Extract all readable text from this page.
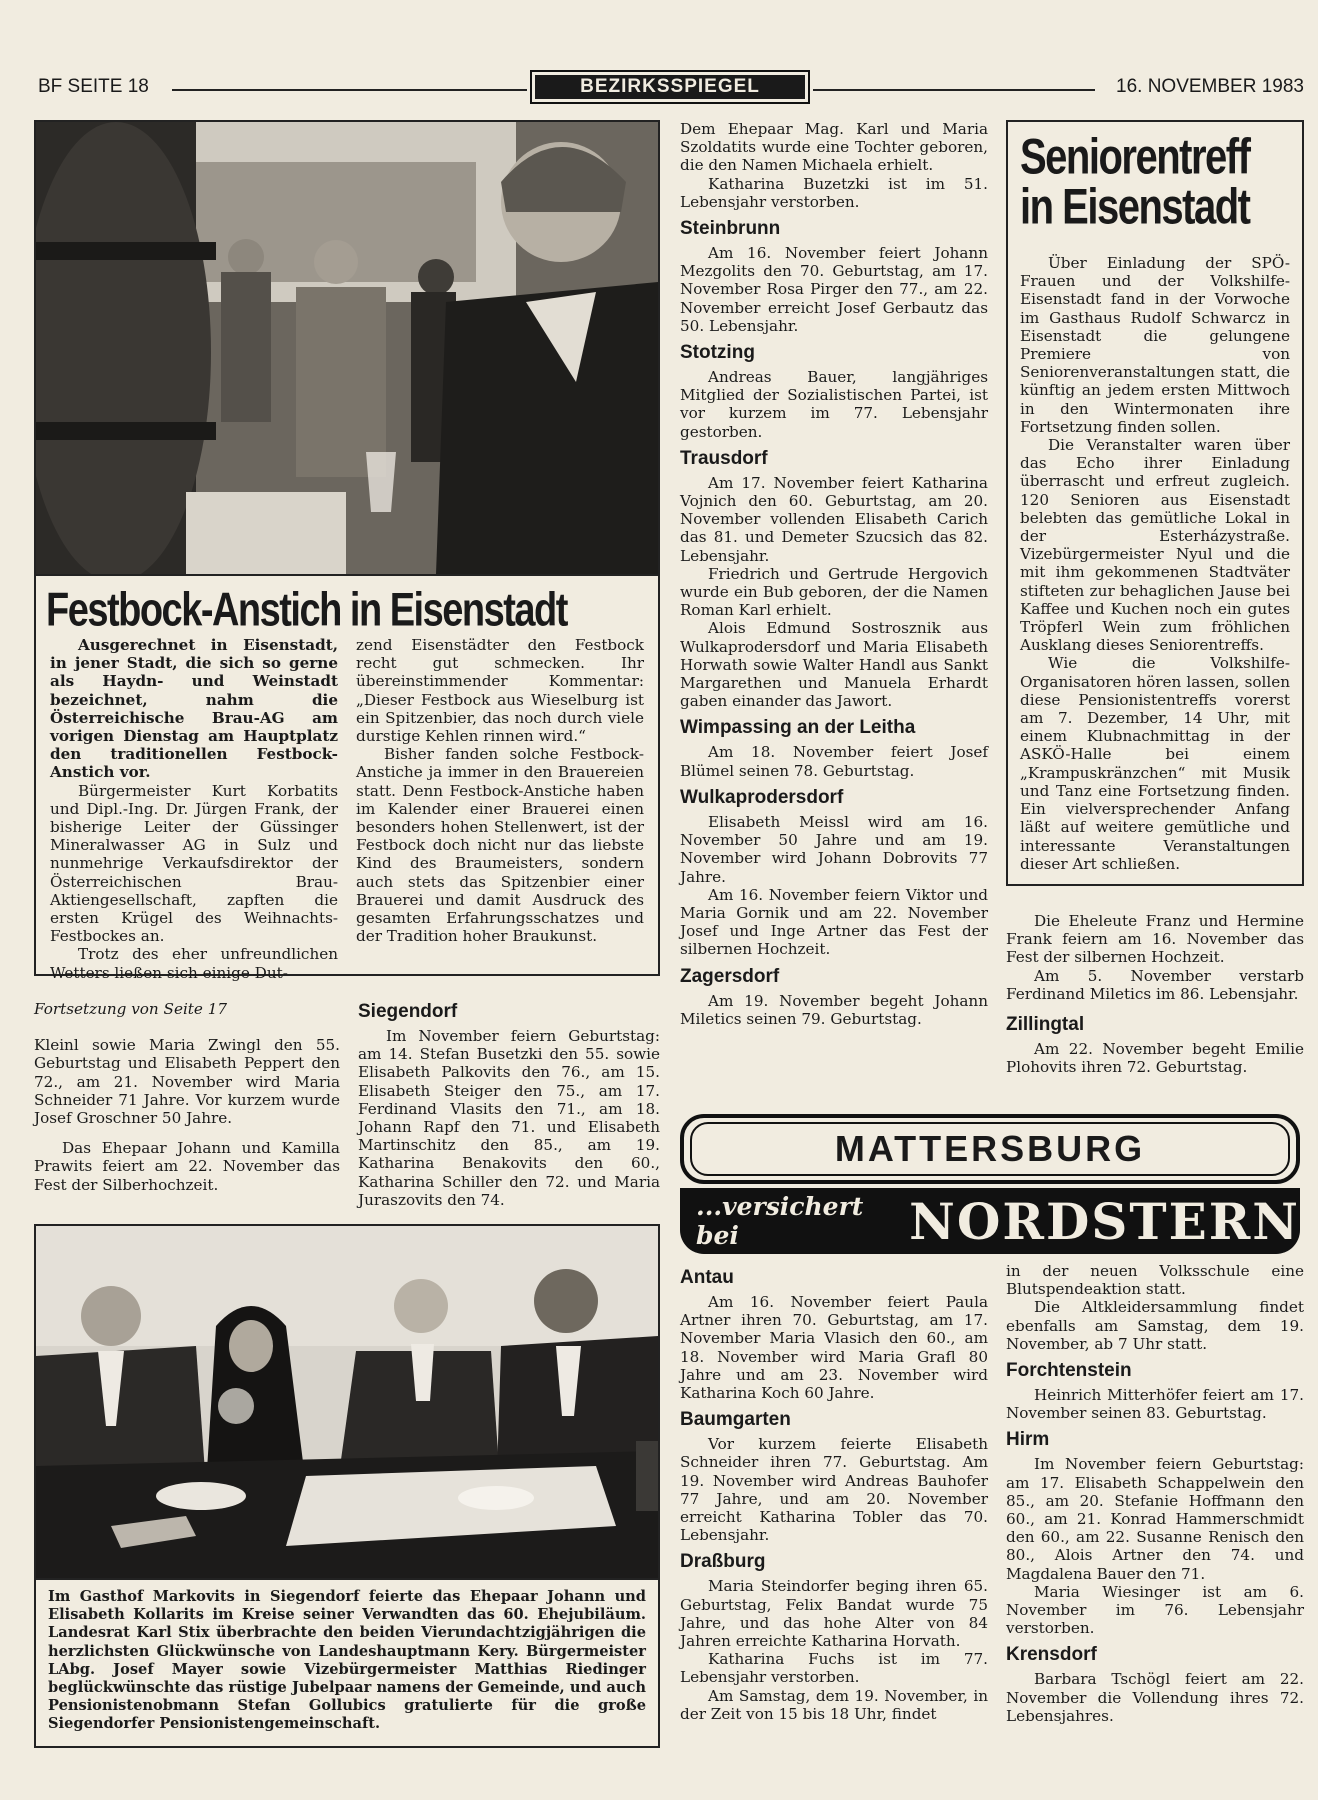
BF SEITE 18	BEZIRKSSPIEGEL	16. NOVEMBER 1983
Festbock-Anstich in Eisenstadt

Ausgerechnet in Eisenstadt, in jener Stadt, die sich so gerne als Haydn- und Weinstadt bezeichnet, nahm die Österreichische Brau-AG am vorigen Dienstag am Hauptplatz den traditionellen Festbock-Anstich vor.

Bürgermeister Kurt Korbatits und Dipl.-Ing. Dr. Jürgen Frank, der bisherige Leiter der Güssinger Mineralwasser AG in Sulz und nunmehrige Verkaufsdirektor der Österreichischen Brau-Aktiengesellschaft, zapften die ersten Krügel des Weihnachts-Festbockes an.

Trotz des eher unfreundlichen Wetters ließen sich einige Dut-

zend Eisenstädter den Festbock recht gut schmecken. Ihr übereinstimmender Kommentar: „Dieser Festbock aus Wieselburg ist ein Spitzenbier, das noch durch viele durstige Kehlen rinnen wird.“

Bisher fanden solche Festbock-Anstiche ja immer in den Brauereien statt. Denn Festbock-Anstiche haben im Kalender einer Brauerei einen besonders hohen Stellenwert, ist der Festbock doch nicht nur das liebste Kind des Braumeisters, sondern auch stets das Spitzenbier einer Brauerei und damit Ausdruck des gesamten Erfahrungsschatzes und der Tradition hoher Braukunst.

Fortsetzung von Seite 17

Kleinl sowie Maria Zwingl den 55. Geburtstag und Elisabeth Peppert den 72., am 21. November wird Maria Schneider 71 Jahre. Vor kurzem wurde Josef Groschner 50 Jahre.

Das Ehepaar Johann und Kamilla Prawits feiert am 22. November das Fest der Silberhochzeit.

Siegendorf

Im November feiern Geburtstag: am 14. Stefan Busetzki den 55. sowie Elisabeth Palkovits den 76., am 15. Elisabeth Steiger den 75., am 17. Ferdinand Vlasits den 71., am 18. Johann Rapf den 71. und Elisabeth Martinschitz den 85., am 19. Katharina Benakovits den 60., Katharina Schiller den 72. und Maria Juraszovits den 74.

Im Gasthof Markovits in Siegendorf feierte das Ehepaar Johann und Elisabeth Kollarits im Kreise seiner Verwandten das 60. Ehejubiläum. Landesrat Karl Stix überbrachte den beiden Vierundachtzigjährigen die herzlichsten Glückwünsche von Landeshauptmann Kery. Bürgermeister LAbg. Josef Mayer sowie Vizebürgermeister Matthias Riedinger beglückwünschte das rüstige Jubelpaar namens der Gemeinde, und auch Pensionistenobmann Stefan Gollubics gratulierte für die große Siegendorfer Pensionistengemeinschaft.

Dem Ehepaar Mag. Karl und Maria Szoldatits wurde eine Tochter geboren, die den Namen Michaela erhielt.

Katharina Buzetzki ist im 51. Lebensjahr verstorben.

Steinbrunn

Am 16. November feiert Johann Mezgolits den 70. Geburtstag, am 17. November Rosa Pirger den 77., am 22. November erreicht Josef Gerbautz das 50. Lebensjahr.

Stotzing

Andreas Bauer, langjähriges Mitglied der Sozialistischen Partei, ist vor kurzem im 77. Lebensjahr gestorben.

Trausdorf

Am 17. November feiert Katharina Vojnich den 60. Geburtstag, am 20. November vollenden Elisabeth Carich das 81. und Demeter Szucsich das 82. Lebensjahr.

Friedrich und Gertrude Hergovich wurde ein Bub geboren, der die Namen Roman Karl erhielt.

Alois Edmund Sostrosznik aus Wulkaprodersdorf und Maria Elisabeth Horwath sowie Walter Handl aus Sankt Margarethen und Manuela Erhardt gaben einander das Jawort.

Wimpassing an der Leitha

Am 18. November feiert Josef Blümel seinen 78. Geburtstag.

Wulkaprodersdorf

Elisabeth Meissl wird am 16. November 50 Jahre und am 19. November wird Johann Dobrovits 77 Jahre.

Am 16. November feiern Viktor und Maria Gornik und am 22. November Josef und Inge Artner das Fest der silbernen Hochzeit.

Zagersdorf

Am 19. November begeht Johann Miletics seinen 79. Geburtstag.

Seniorentreff
in Eisenstadt

Über Einladung der SPÖ-Frauen und der Volkshilfe-Eisenstadt fand in der Vorwoche im Gasthaus Rudolf Schwarcz in Eisenstadt die gelungene Premiere von Seniorenveranstaltungen statt, die künftig an jedem ersten Mittwoch in den Wintermonaten ihre Fortsetzung finden sollen.

Die Veranstalter waren über das Echo ihrer Einladung überrascht und erfreut zugleich. 120 Senioren aus Eisenstadt belebten das gemütliche Lokal in der Esterházystraße. Vizebürgermeister Nyul und die mit ihm gekommenen Stadtväter stifteten zur behaglichen Jause bei Kaffee und Kuchen noch ein gutes Tröpferl Wein zum fröhlichen Ausklang dieses Seniorentreffs.

Wie die Volkshilfe-Organisatoren hören lassen, sollen diese Pensionistentreffs vorerst am 7. Dezember, 14 Uhr, mit einem Klubnachmittag in der ASKÖ-Halle bei einem „Krampuskränzchen“ mit Musik und Tanz eine Fortsetzung finden. Ein vielversprechender Anfang läßt auf weitere gemütliche und interessante Veranstaltungen dieser Art schließen.

Die Eheleute Franz und Hermine Frank feiern am 16. November das Fest der silbernen Hochzeit.

Am 5. November verstarb Ferdinand Miletics im 86. Lebensjahr.

Zillingtal

Am 22. November begeht Emilie Plohovits ihren 72. Geburtstag.

MATTERSBURG
...versichert bei	NORDSTERN
Antau

Am 16. November feiert Paula Artner ihren 70. Geburtstag, am 17. November Maria Vlasich den 60., am 18. November wird Maria Grafl 80 Jahre und am 23. November wird Katharina Koch 60 Jahre.

Baumgarten

Vor kurzem feierte Elisabeth Schneider ihren 77. Geburtstag. Am 19. November wird Andreas Bauhofer 77 Jahre, und am 20. November erreicht Katharina Tobler das 70. Lebensjahr.

Draßburg

Maria Steindorfer beging ihren 65. Geburtstag, Felix Bandat wurde 75 Jahre, und das hohe Alter von 84 Jahren erreichte Katharina Horvath.

Katharina Fuchs ist im 77. Lebensjahr verstorben.

Am Samstag, dem 19. November, in der Zeit von 15 bis 18 Uhr, findet

in der neuen Volksschule eine Blutspendeaktion statt.

Die Altkleidersammlung findet ebenfalls am Samstag, dem 19. November, ab 7 Uhr statt.

Forchtenstein

Heinrich Mitterhöfer feiert am 17. November seinen 83. Geburtstag.

Hirm

Im November feiern Geburtstag: am 17. Elisabeth Schappelwein den 85., am 20. Stefanie Hoffmann den 60., am 21. Konrad Hammerschmidt den 60., am 22. Susanne Renisch den 80., Alois Artner den 74. und Magdalena Bauer den 71.

Maria Wiesinger ist am 6. November im 76. Lebensjahr verstorben.

Krensdorf

Barbara Tschögl feiert am 22. November die Vollendung ihres 72. Lebensjahres.
